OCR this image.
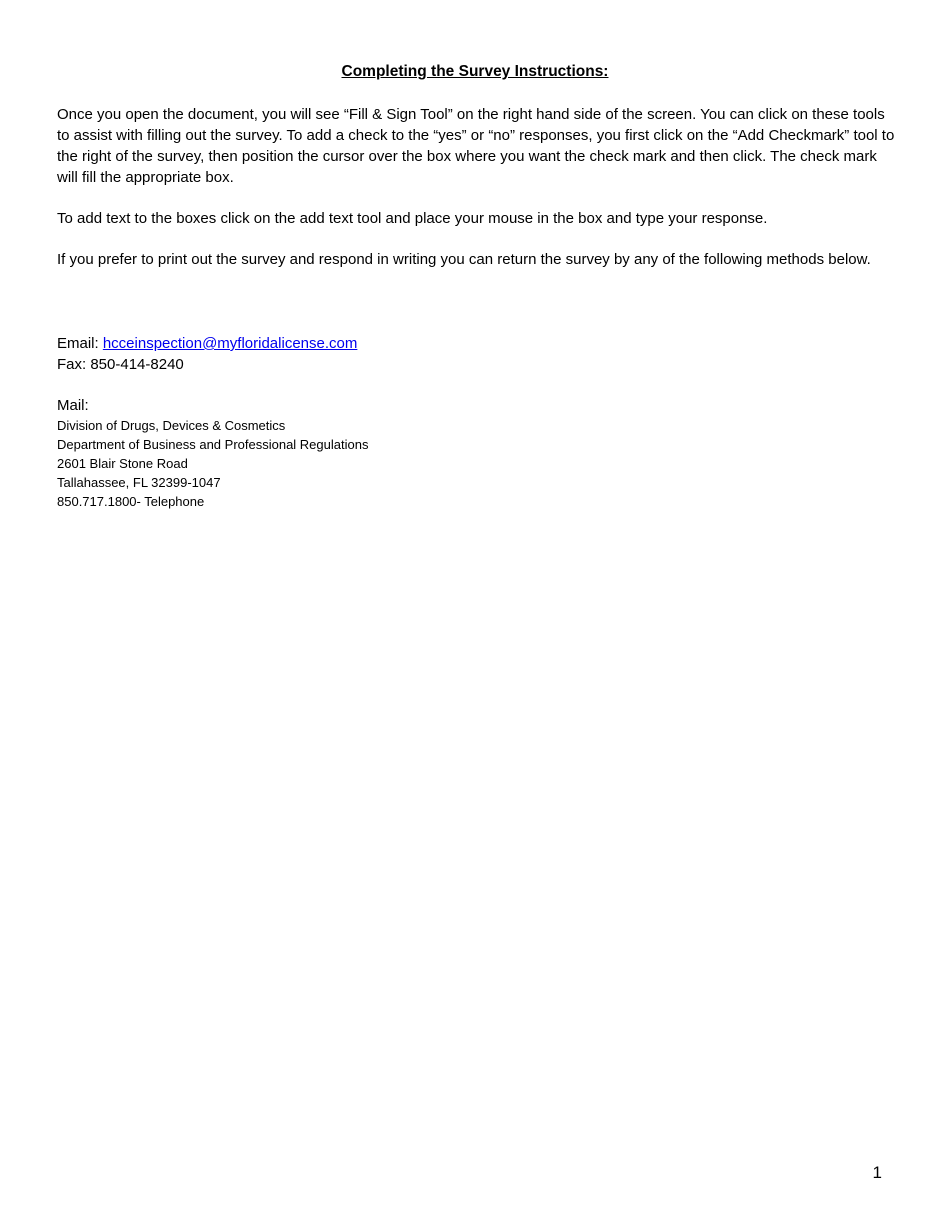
Completing the Survey Instructions:

Once you open the document, you will see “Fill & Sign Tool” on the right hand side of the screen. You can click on these tools to assist with filling out the survey. To add a check to the “yes” or “no” responses, you first click on the “Add Checkmark” tool to the right of the survey, then position the cursor over the box where you want the check mark and then click. The check mark will fill the appropriate box.

To add text to the boxes click on the add text tool and place your mouse in the box and type your response.

If you prefer to print out the survey and respond in writing you can return the survey by any of the following methods below.

Email: hcceinspection@myfloridalicense.com
Fax: 850-414-8240
Mail:
Division of Drugs, Devices & Cosmetics
Department of Business and Professional Regulations
2601 Blair Stone Road
Tallahassee, FL 32399-1047
850.717.1800- Telephone
1
